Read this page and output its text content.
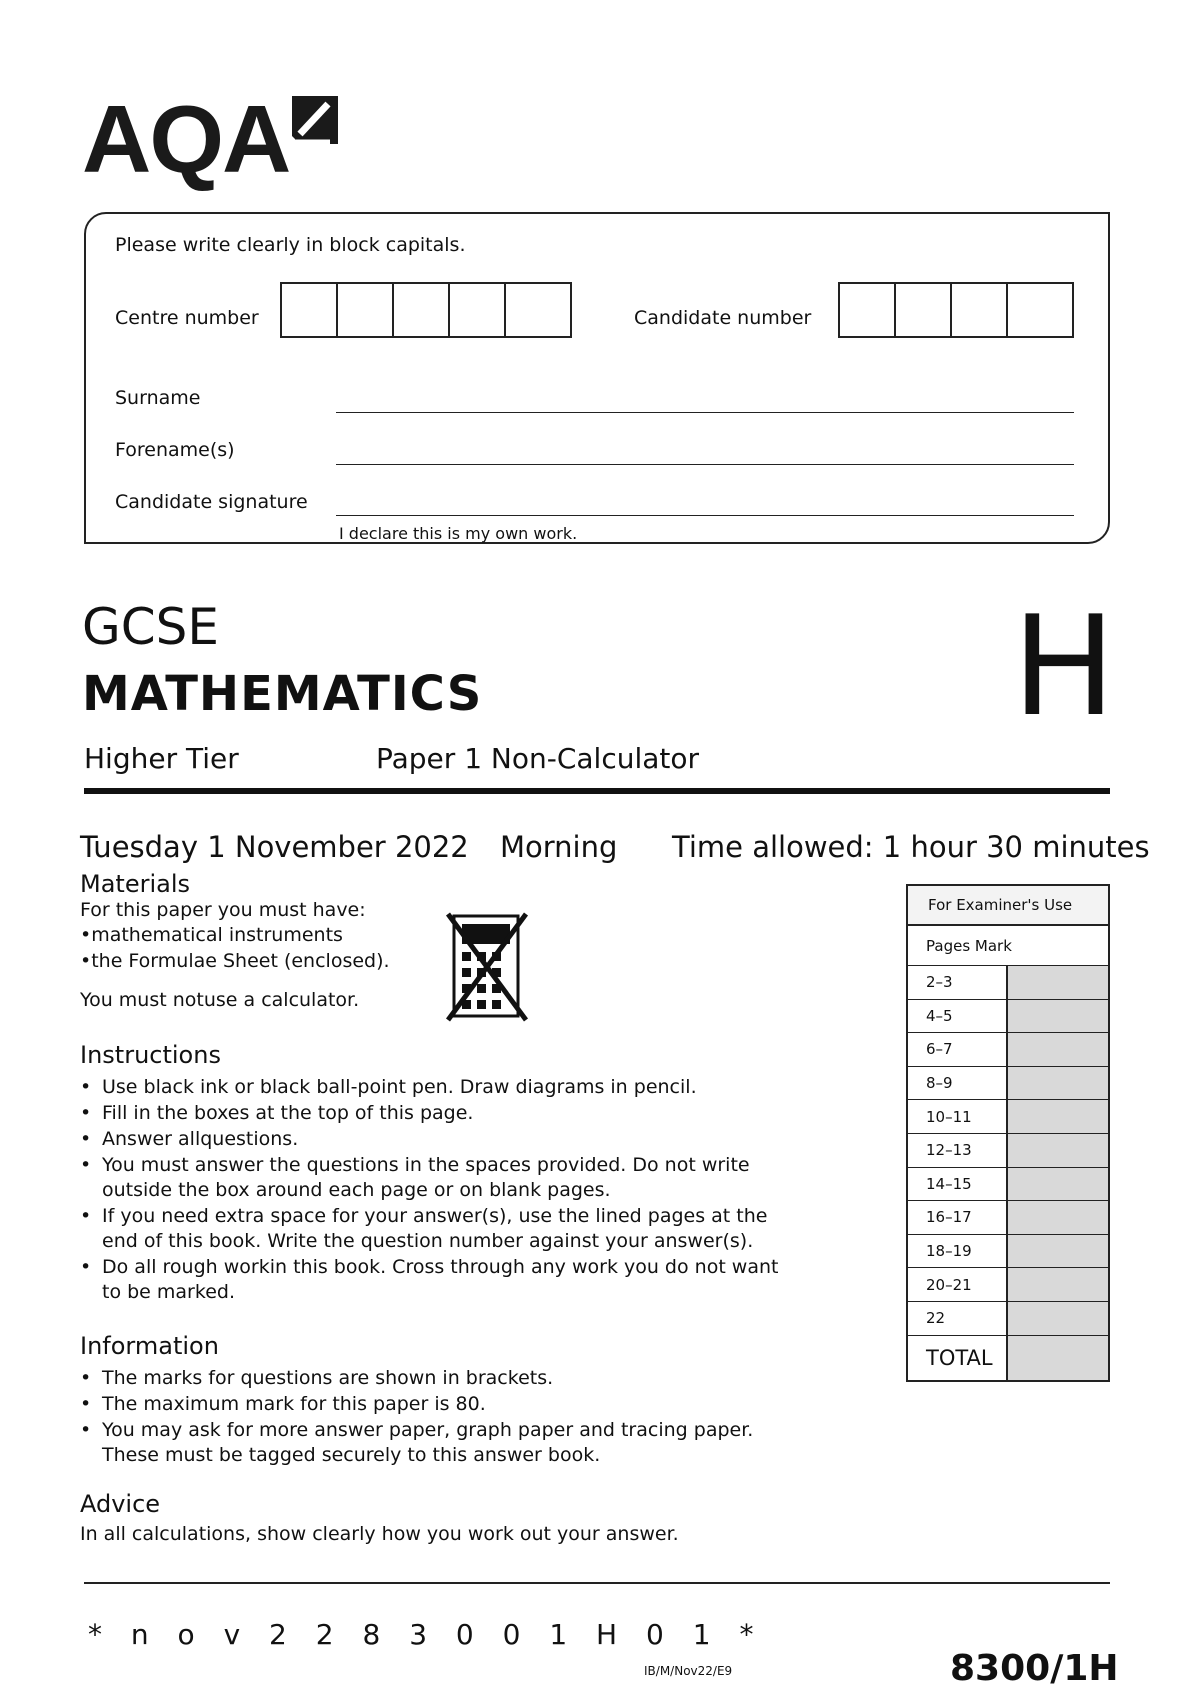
AQA
Please write clearly in block capitals.
Centre number	Candidate number
Surname
Forename(s)
Candidate signature
I declare this is my own work.
GCSE
MATHEMATICS	H
Higher Tier	Paper 1 Non-Calculator
Tuesday 1 November 2022 Morning Time allowed: 1 hour 30 minutes
Materials
For this paper you must have:
•mathematical instruments
•the Formulae Sheet (enclosed).
You must notuse a calculator.
Instructions
• Use black ink or black ball-point pen. Draw diagrams in pencil.
• Fill in the boxes at the top of this page.
• Answer allquestions.
• You must answer the questions in the spaces provided. Do not write outside the box around each page or on blank pages.
• If you need extra space for your answer(s), use the lined pages at the end of this book. Write the question number against your answer(s).
• Do all rough workin this book. Cross through any work you do not want to be marked.
Information
• The marks for questions are shown in brackets.
• The maximum mark for this paper is 80.
• You may ask for more answer paper, graph paper and tracing paper. These must be tagged securely to this answer book.
Advice
In all calculations, show clearly how you work out your answer.
For Examiner's Use
Pages Mark
2–3
4–5
6–7
8–9
10–11
12–13
14–15
16–17
18–19
20–21
22
TOTAL
* n o v 2 2 8 3 0 0 1 H 0 1 *
IB/M/Nov22/E9	8300/1H
